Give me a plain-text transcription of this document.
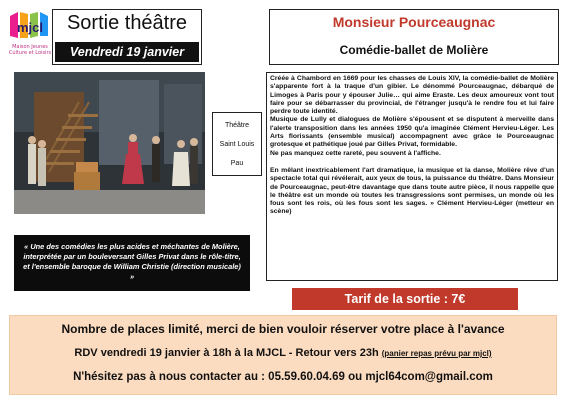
mjcl
Maison Jeunes
Culture et Loisirs
Sortie théâtre
Vendredi 19 janvier
Monsieur Pourceaugnac
Comédie-ballet de Molière
Théâtre
Saint Louis
Pau
Créée à Chambord en 1669 pour les chasses de Louis XIV, la comédie-ballet de Molière s'apparente fort à la traque d'un gibier. Le dénommé Pourceaugnac, débarqué de Limoges à Paris pour y épouser Julie… qui aime Eraste. Les deux amoureux vont tout faire pour se débarrasser du provincial, de l'étranger jusqu'à le rendre fou et lui faire perdre toute identité.
Musique de Lully et dialogues de Molière s'épousent et se disputent à merveille dans l'alerte transposition dans les années 1950 qu'a imaginée Clément Hervieu-Léger. Les Arts florissants (ensemble musical) accompagnent avec grâce le Pourceaugnac grotesque et pathétique joué par Gilles Privat, formidable.
Ne pas manquez cette rareté, peu souvent à l'affiche.
En mêlant inextricablement l'art dramatique, la musique et la danse, Molière rêve d'un spectacle total qui révélerait, aux yeux de tous, la puissance du théâtre. Dans Monsieur de Pourceaugnac, peut-être davantage que dans toute autre pièce, il nous rappelle que le théâtre est un monde où toutes les transgressions sont permises, un monde où les fous sont les rois, où les fous sont les sages. » Clément Hervieu-Léger (metteur en scène)
« Une des comédies les plus acides et méchantes de Molière, interprétée par un bouleversant Gilles Privat dans le rôle-titre, et l'ensemble baroque de William Christie (direction musicale) »
Tarif de la sortie : 7€
Nombre de places limité, merci de bien vouloir réserver votre place à l'avance
RDV vendredi 19 janvier à 18h à la MJCL - Retour vers 23h (panier repas prévu par mjcl)
N'hésitez pas à nous contacter au : 05.59.60.04.69 ou mjcl64com@gmail.com
